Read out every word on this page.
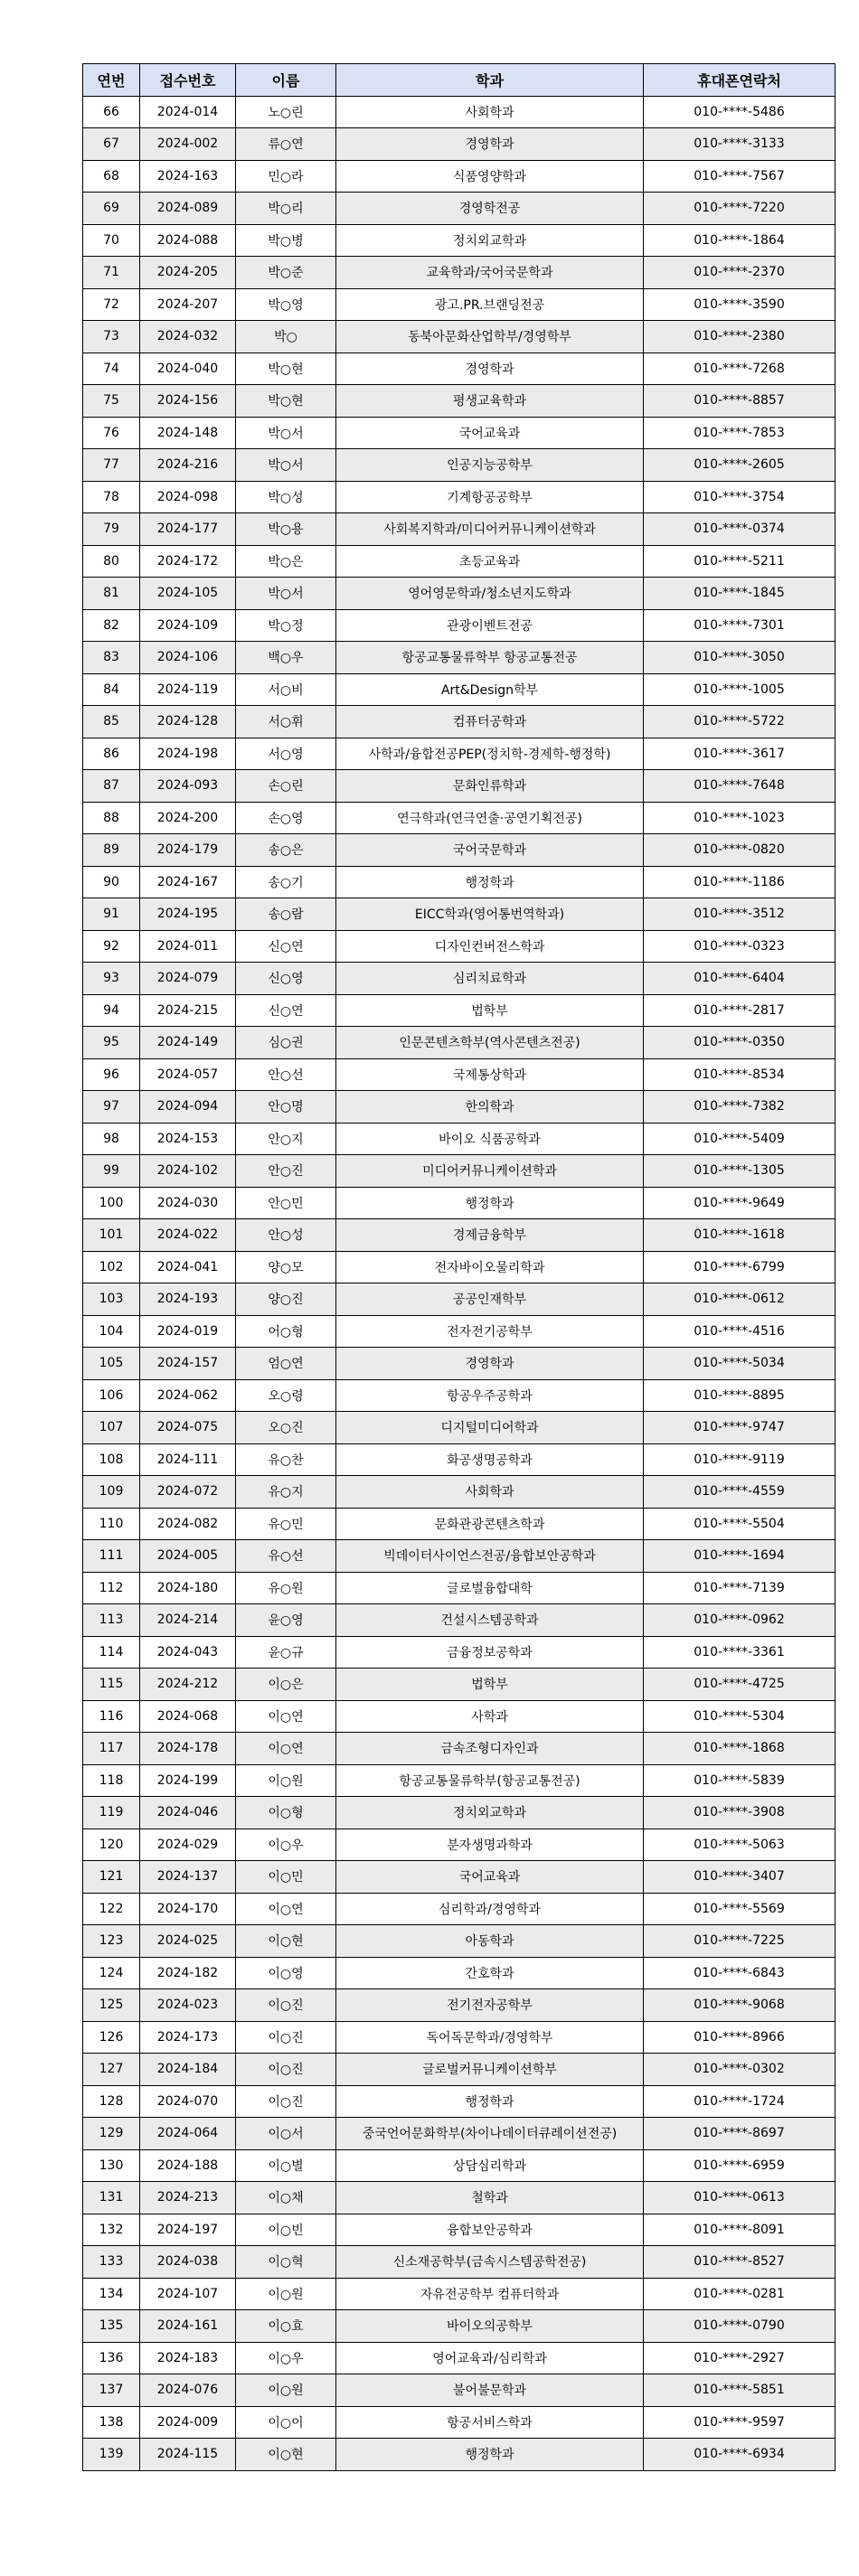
연번	접수번호	이름	학과	휴대폰연락처
66	2024-014	노○린	사회학과	010-****-5486
67	2024-002	류○연	경영학과	010-****-3133
68	2024-163	민○라	식품영양학과	010-****-7567
69	2024-089	박○리	경영학전공	010-****-7220
70	2024-088	박○병	정치외교학과	010-****-1864
71	2024-205	박○준	교육학과/국어국문학과	010-****-2370
72	2024-207	박○영	광고.PR.브랜딩전공	010-****-3590
73	2024-032	박○	동북아문화산업학부/경영학부	010-****-2380
74	2024-040	박○현	경영학과	010-****-7268
75	2024-156	박○현	평생교육학과	010-****-8857
76	2024-148	박○서	국어교육과	010-****-7853
77	2024-216	박○서	인공지능공학부	010-****-2605
78	2024-098	박○성	기계항공공학부	010-****-3754
79	2024-177	박○용	사회복지학과/미디어커뮤니케이션학과	010-****-0374
80	2024-172	박○은	초등교육과	010-****-5211
81	2024-105	박○서	영어영문학과/청소년지도학과	010-****-1845
82	2024-109	박○정	관광이벤트전공	010-****-7301
83	2024-106	백○우	항공교통물류학부 항공교통전공	010-****-3050
84	2024-119	서○비	Art&Design학부	010-****-1005
85	2024-128	서○휘	컴퓨터공학과	010-****-5722
86	2024-198	서○영	사학과/융합전공PEP(정치학-경제학-행정학)	010-****-3617
87	2024-093	손○린	문화인류학과	010-****-7648
88	2024-200	손○영	연극학과(연극연출·공연기획전공)	010-****-1023
89	2024-179	송○은	국어국문학과	010-****-0820
90	2024-167	송○기	행정학과	010-****-1186
91	2024-195	송○람	EICC학과(영어통번역학과)	010-****-3512
92	2024-011	신○연	디자인컨버전스학과	010-****-0323
93	2024-079	신○영	심리치료학과	010-****-6404
94	2024-215	신○연	법학부	010-****-2817
95	2024-149	심○권	인문콘텐츠학부(역사콘텐츠전공)	010-****-0350
96	2024-057	안○선	국제통상학과	010-****-8534
97	2024-094	안○명	한의학과	010-****-7382
98	2024-153	안○지	바이오 식품공학과	010-****-5409
99	2024-102	안○진	미디어커뮤니케이션학과	010-****-1305
100	2024-030	안○민	행정학과	010-****-9649
101	2024-022	안○성	경제금융학부	010-****-1618
102	2024-041	양○모	전자바이오물리학과	010-****-6799
103	2024-193	양○진	공공인재학부	010-****-0612
104	2024-019	어○형	전자전기공학부	010-****-4516
105	2024-157	엄○연	경영학과	010-****-5034
106	2024-062	오○령	항공우주공학과	010-****-8895
107	2024-075	오○진	디지털미디어학과	010-****-9747
108	2024-111	유○찬	화공생명공학과	010-****-9119
109	2024-072	유○지	사회학과	010-****-4559
110	2024-082	유○민	문화관광콘텐츠학과	010-****-5504
111	2024-005	유○선	빅데이터사이언스전공/융합보안공학과	010-****-1694
112	2024-180	유○원	글로벌융합대학	010-****-7139
113	2024-214	윤○영	건설시스템공학과	010-****-0962
114	2024-043	윤○규	금융정보공학과	010-****-3361
115	2024-212	이○은	법학부	010-****-4725
116	2024-068	이○연	사학과	010-****-5304
117	2024-178	이○연	금속조형디자인과	010-****-1868
118	2024-199	이○원	항공교통물류학부(항공교통전공)	010-****-5839
119	2024-046	이○형	정치외교학과	010-****-3908
120	2024-029	이○우	분자생명과학과	010-****-5063
121	2024-137	이○민	국어교육과	010-****-3407
122	2024-170	이○연	심리학과/경영학과	010-****-5569
123	2024-025	이○현	아동학과	010-****-7225
124	2024-182	이○영	간호학과	010-****-6843
125	2024-023	이○진	전기전자공학부	010-****-9068
126	2024-173	이○진	독어독문학과/경영학부	010-****-8966
127	2024-184	이○진	글로벌커뮤니케이션학부	010-****-0302
128	2024-070	이○진	행정학과	010-****-1724
129	2024-064	이○서	중국언어문화학부(차이나데이터큐레이션전공)	010-****-8697
130	2024-188	이○별	상담심리학과	010-****-6959
131	2024-213	이○채	철학과	010-****-0613
132	2024-197	이○빈	융합보안공학과	010-****-8091
133	2024-038	이○혁	신소재공학부(금속시스템공학전공)	010-****-8527
134	2024-107	이○원	자유전공학부 컴퓨터학과	010-****-0281
135	2024-161	이○효	바이오의공학부	010-****-0790
136	2024-183	이○우	영어교육과/심리학과	010-****-2927
137	2024-076	이○원	불어불문학과	010-****-5851
138	2024-009	이○이	항공서비스학과	010-****-9597
139	2024-115	이○현	행정학과	010-****-6934
